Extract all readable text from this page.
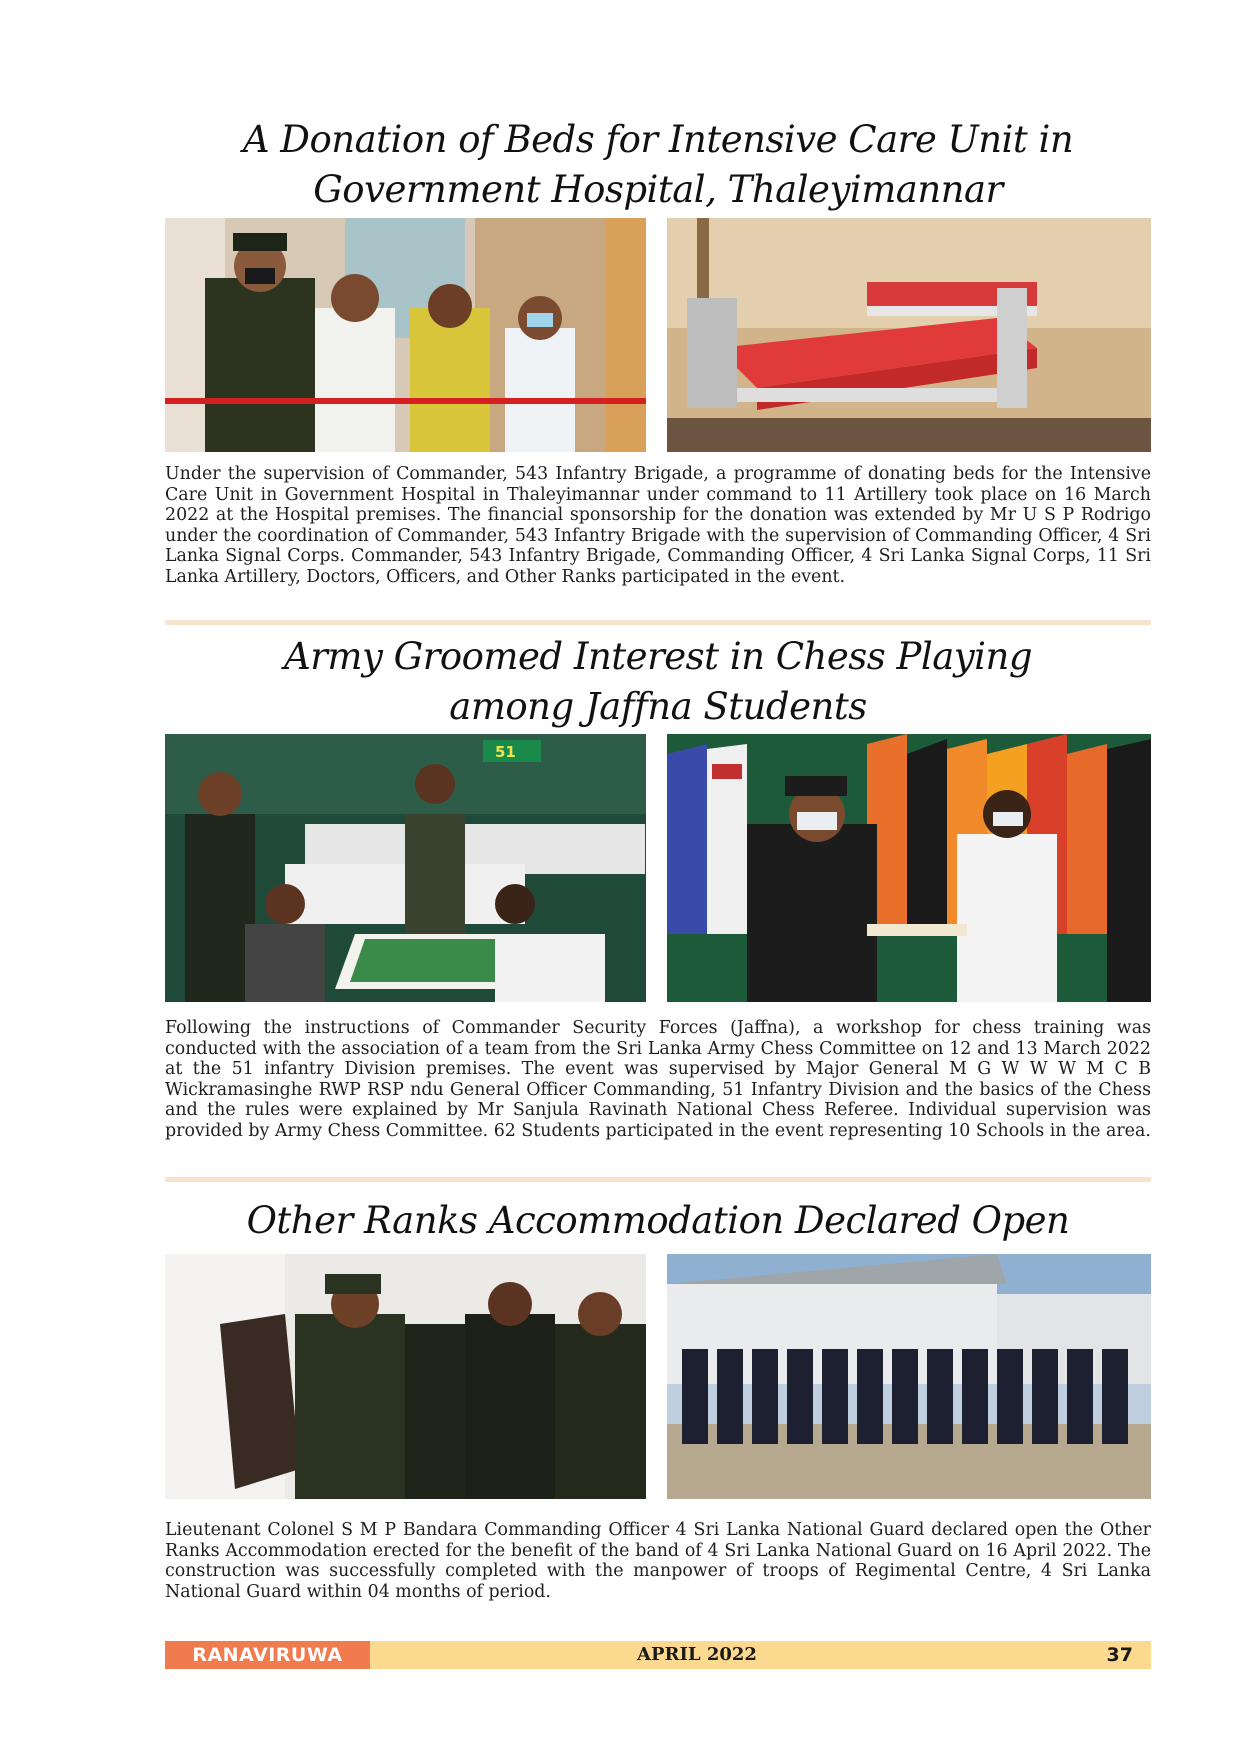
A Donation of Beds for Intensive Care Unit in
Government Hospital, Thaleyimannar
Under the supervision of Commander, 543 Infantry Brigade, a programme of donating beds for the Intensive Care Unit in Government Hospital in Thaleyimannar under command to 11 Artillery took place on 16 March 2022 at the Hospital premises. The financial sponsorship for the donation was extended by Mr U S P Rodrigo under the coordination of Commander, 543 Infantry Brigade with the supervision of Commanding Officer, 4 Sri Lanka Signal Corps. Commander, 543 Infantry Brigade, Commanding Officer, 4 Sri Lanka Signal Corps, 11 Sri Lanka Artillery, Doctors, Officers, and Other Ranks participated in the event.
Army Groomed Interest in Chess Playing
among Jaffna Students
51
Following the instructions of Commander Security Forces (Jaffna), a workshop for chess training was conducted with the association of a team from the Sri Lanka Army Chess Committee on 12 and 13 March 2022 at the 51 infantry Division premises. The event was supervised by Major General M G W W W M C B Wickramasinghe RWP RSP ndu General Officer Commanding, 51 Infantry Division and the basics of the Chess and the rules were explained by Mr Sanjula Ravinath National Chess Referee. Individual supervision was provided by Army Chess Committee. 62 Students participated in the event representing 10 Schools in the area.
Other Ranks Accommodation Declared Open
Lieutenant Colonel S M P Bandara Commanding Officer 4 Sri Lanka National Guard declared open the Other Ranks Accommodation erected for the benefit of the band of 4 Sri Lanka National Guard on 16 April 2022. The construction was successfully completed with the manpower of troops of Regimental Centre, 4 Sri Lanka National Guard within 04 months of period.
RANAVIRUWA	APRIL 2022	37
